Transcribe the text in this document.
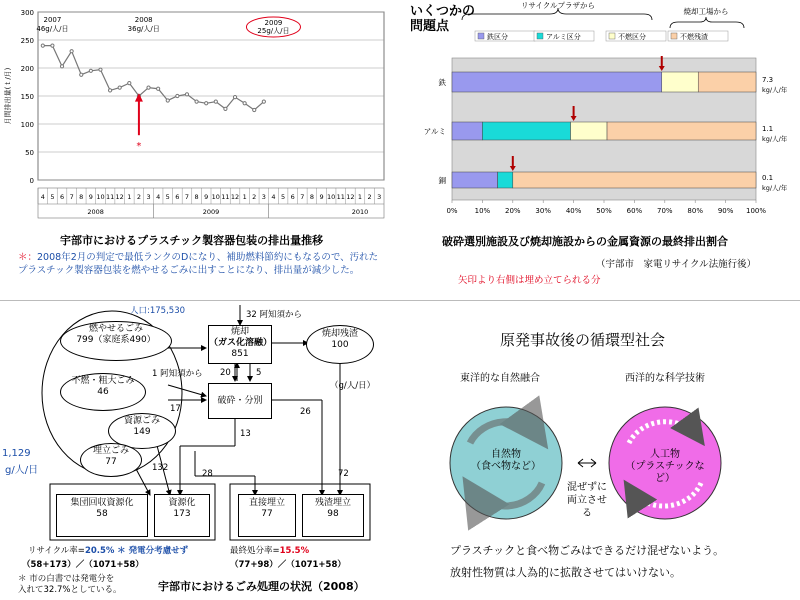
0
50
100
150
200
250
300
月間排出量(ｔ/月)
4 5 6 7 8 9 10 11 12 1 2 3 4 5 6 7 8 9 10 11 12 1 2 3 4 5 6 7 8 9 10 11 12 1 2 3
2008	2009	2010
2007
46g/人/日
2008
36g/人/日
2009
25g/人/日
*
宇部市におけるプラスチック製容器包装の排出量推移
＊：2008年2月の判定で最低ランクのDになり、補助燃料節約にもなるので、汚れたプラスチック製容器包装を燃やせるごみに出すことになり、排出量が減少した。
いくつかの
問題点
リサイクルプラザから
焼却工場から
鉄区分	アルミ区分	不燃区分	不燃残渣
0% 10% 20% 30% 40% 50% 60% 70% 80% 90% 100%
鉄	7.3
kg/人/年
アルミ	1.1
kg/人/年
銅	0.1
kg/人/年
破砕選別施設及び焼却施設からの金属資源の最終排出割合
（宇部市　家電リサイクル法施行後）
矢印より右側は埋め立てられる分
人口:175,530
1,129
g/人/日
（g/人/日）
燃やせるごみ
799（家庭系490）
不燃・粗大ごみ
46
資源ごみ
149
埋立ごみ
77
焼却
（ガス化溶融）
851
焼却残渣
100
破砕・分別
集団回収資源化
58
資源化
173
直接埋立
77
残渣埋立
98
32 阿知須から
1 阿知須から 20	5
17
13
26
132
28	72
リサイクル率=20.5% ＊ 発電分考慮せず
（58+173）／（1071+58）
最終処分率=15.5%
（77+98）／（1071+58）
＊ 市の白書では発電分を
入れて32.7%としている。	宇部市におけるごみ処理の状況（2008）
原発事故後の循環型社会
東洋的な自然融合	西洋的な科学技術
自然物
（食べ物など）
人工物
（プラスチックなど）
混ぜずに
両立させる
プラスチックと食べ物ごみはできるだけ混ぜないよう。
放射性物質は人為的に拡散させてはいけない。
